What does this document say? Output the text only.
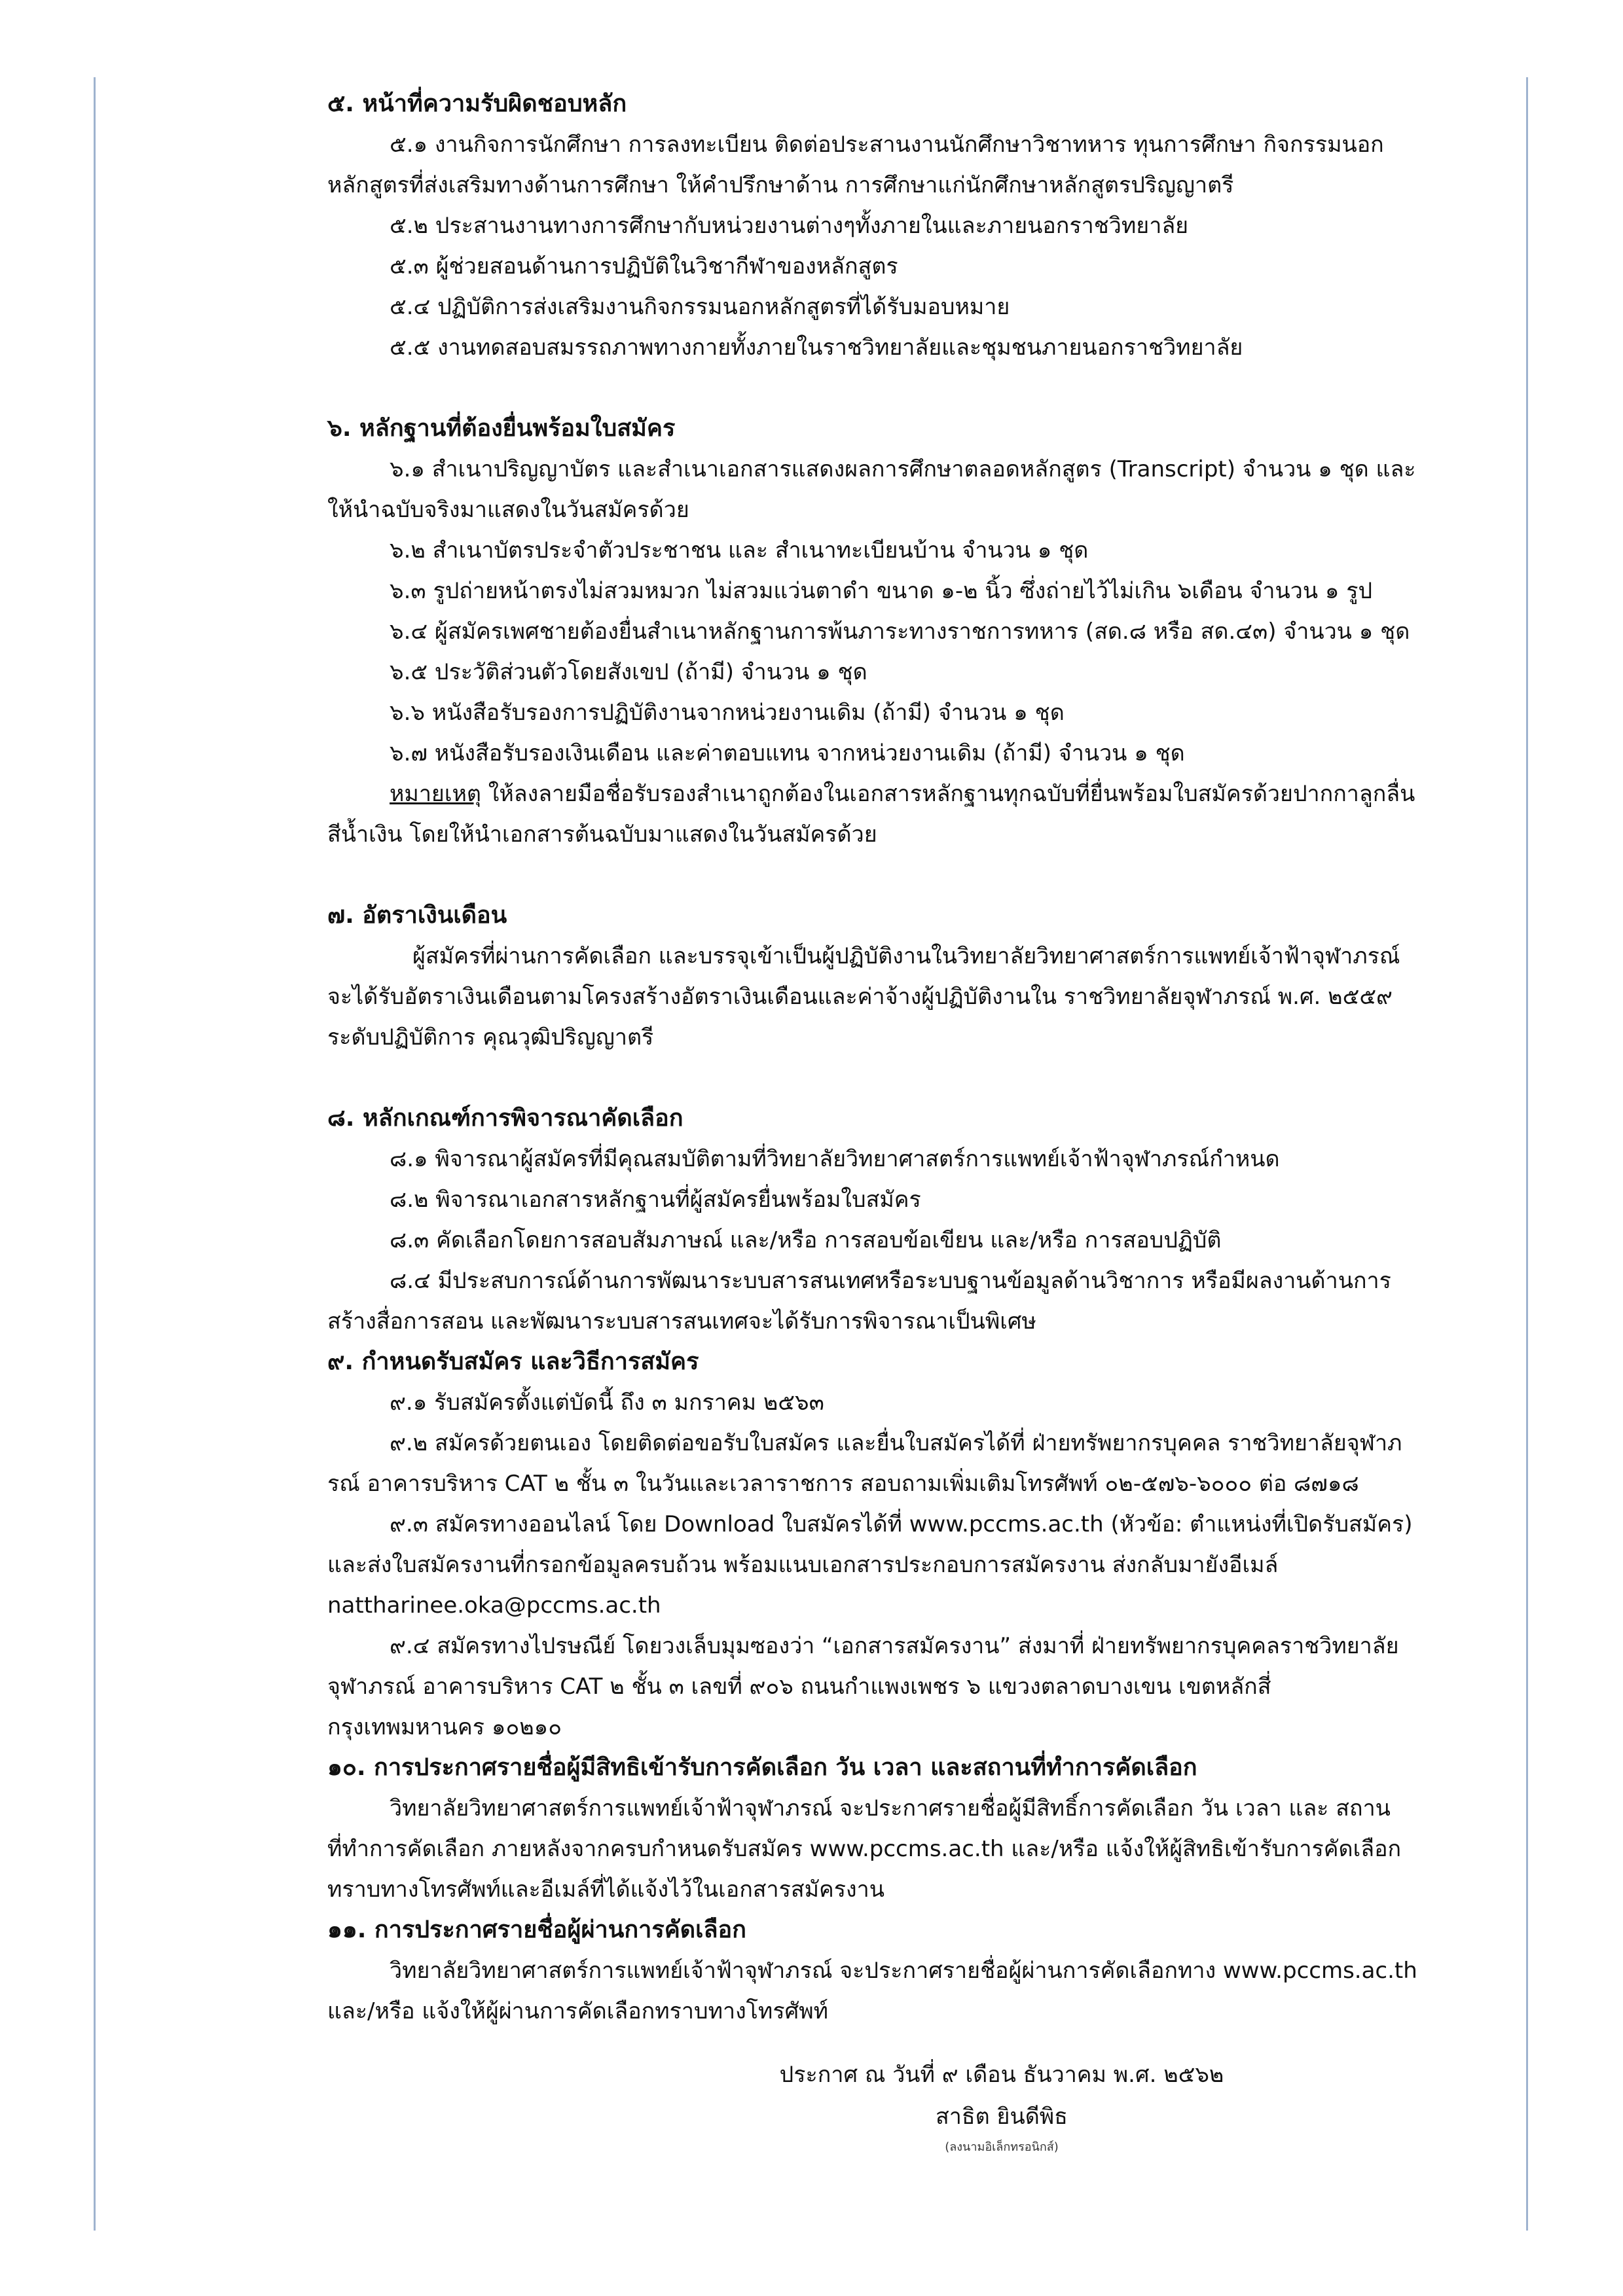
๕. หน้าที่ความรับผิดชอบหลัก

๕.๑ งานกิจการนักศึกษา การลงทะเบียน ติดต่อประสานงานนักศึกษาวิชาทหาร ทุนการศึกษา กิจกรรมนอกหลักสูตรที่ส่งเสริมทางด้านการศึกษา ให้คำปรึกษาด้าน การศึกษาแก่นักศึกษาหลักสูตรปริญญาตรี

๕.๒ ประสานงานทางการศึกษากับหน่วยงานต่างๆทั้งภายในและภายนอกราชวิทยาลัย

๕.๓ ผู้ช่วยสอนด้านการปฏิบัติในวิชากีฬาของหลักสูตร

๕.๔ ปฏิบัติการส่งเสริมงานกิจกรรมนอกหลักสูตรที่ได้รับมอบหมาย

๕.๕ งานทดสอบสมรรถภาพทางกายทั้งภายในราชวิทยาลัยและชุมชนภายนอกราชวิทยาลัย

๖. หลักฐานที่ต้องยื่นพร้อมใบสมัคร

๖.๑ สำเนาปริญญาบัตร และสำเนาเอกสารแสดงผลการศึกษาตลอดหลักสูตร (Transcript) จำนวน ๑ ชุด และให้นำฉบับจริงมาแสดงในวันสมัครด้วย

๖.๒ สำเนาบัตรประจำตัวประชาชน และ สำเนาทะเบียนบ้าน จำนวน ๑ ชุด

๖.๓ รูปถ่ายหน้าตรงไม่สวมหมวก ไม่สวมแว่นตาดำ ขนาด ๑-๒ นิ้ว ซึ่งถ่ายไว้ไม่เกิน ๖เดือน จำนวน ๑ รูป

๖.๔ ผู้สมัครเพศชายต้องยื่นสำเนาหลักฐานการพ้นภาระทางราชการทหาร (สด.๘ หรือ สด.๔๓) จำนวน ๑ ชุด

๖.๕ ประวัติส่วนตัวโดยสังเขป (ถ้ามี) จำนวน ๑ ชุด

๖.๖ หนังสือรับรองการปฏิบัติงานจากหน่วยงานเดิม (ถ้ามี) จำนวน ๑ ชุด

๖.๗ หนังสือรับรองเงินเดือน และค่าตอบแทน จากหน่วยงานเดิม (ถ้ามี) จำนวน ๑ ชุด

หมายเหตุ ให้ลงลายมือชื่อรับรองสำเนาถูกต้องในเอกสารหลักฐานทุกฉบับที่ยื่นพร้อมใบสมัครด้วยปากกาลูกลื่นสีน้ำเงิน โดยให้นำเอกสารต้นฉบับมาแสดงในวันสมัครด้วย

๗. อัตราเงินเดือน

ผู้สมัครที่ผ่านการคัดเลือก และบรรจุเข้าเป็นผู้ปฏิบัติงานในวิทยาลัยวิทยาศาสตร์การแพทย์เจ้าฟ้าจุฬาภรณ์ จะได้รับอัตราเงินเดือนตามโครงสร้างอัตราเงินเดือนและค่าจ้างผู้ปฏิบัติงานใน ราชวิทยาลัยจุฬาภรณ์ พ.ศ. ๒๕๕๙ ระดับปฏิบัติการ คุณวุฒิปริญญาตรี

๘. หลักเกณฑ์การพิจารณาคัดเลือก

๘.๑ พิจารณาผู้สมัครที่มีคุณสมบัติตามที่วิทยาลัยวิทยาศาสตร์การแพทย์เจ้าฟ้าจุฬาภรณ์กำหนด

๘.๒ พิจารณาเอกสารหลักฐานที่ผู้สมัครยื่นพร้อมใบสมัคร

๘.๓ คัดเลือกโดยการสอบสัมภาษณ์ และ/หรือ การสอบข้อเขียน และ/หรือ การสอบปฏิบัติ

๘.๔ มีประสบการณ์ด้านการพัฒนาระบบสารสนเทศหรือระบบฐานข้อมูลด้านวิชาการ หรือมีผลงานด้านการสร้างสื่อการสอน และพัฒนาระบบสารสนเทศจะได้รับการพิจารณาเป็นพิเศษ

๙. กำหนดรับสมัคร และวิธีการสมัคร

๙.๑ รับสมัครตั้งแต่บัดนี้ ถึง ๓ มกราคม ๒๕๖๓

๙.๒ สมัครด้วยตนเอง โดยติดต่อขอรับใบสมัคร และยื่นใบสมัครได้ที่ ฝ่ายทรัพยากรบุคคล ราชวิทยาลัยจุฬาภรณ์ อาคารบริหาร CAT ๒ ชั้น ๓ ในวันและเวลาราชการ สอบถามเพิ่มเติมโทรศัพท์ ๐๒-๕๗๖-๖๐๐๐ ต่อ ๘๗๑๘

๙.๓ สมัครทางออนไลน์ โดย Download ใบสมัครได้ที่ www.pccms.ac.th (หัวข้อ: ตำแหน่งที่เปิดรับสมัคร) และส่งใบสมัครงานที่กรอกข้อมูลครบถ้วน พร้อมแนบเอกสารประกอบการสมัครงาน ส่งกลับมายังอีเมล์ nattharinee.oka@pccms.ac.th

๙.๔ สมัครทางไปรษณีย์ โดยวงเล็บมุมซองว่า “เอกสารสมัครงาน” ส่งมาที่ ฝ่ายทรัพยากรบุคคลราชวิทยาลัยจุฬาภรณ์ อาคารบริหาร CAT ๒ ชั้น ๓ เลขที่ ๙๐๖ ถนนกำแพงเพชร ๖ แขวงตลาดบางเขน เขตหลักสี่ กรุงเทพมหานคร ๑๐๒๑๐

๑๐. การประกาศรายชื่อผู้มีสิทธิเข้ารับการคัดเลือก วัน เวลา และสถานที่ทำการคัดเลือก

วิทยาลัยวิทยาศาสตร์การแพทย์เจ้าฟ้าจุฬาภรณ์ จะประกาศรายชื่อผู้มีสิทธิ์การคัดเลือก วัน เวลา และ สถานที่ทำการคัดเลือก ภายหลังจากครบกำหนดรับสมัคร www.pccms.ac.th และ/หรือ แจ้งให้ผู้สิทธิเข้ารับการคัดเลือกทราบทางโทรศัพท์และอีเมล์ที่ได้แจ้งไว้ในเอกสารสมัครงาน

๑๑. การประกาศรายชื่อผู้ผ่านการคัดเลือก

วิทยาลัยวิทยาศาสตร์การแพทย์เจ้าฟ้าจุฬาภรณ์ จะประกาศรายชื่อผู้ผ่านการคัดเลือกทาง www.pccms.ac.th และ/หรือ แจ้งให้ผู้ผ่านการคัดเลือกทราบทางโทรศัพท์

ประกาศ ณ วันที่ ๙ เดือน ธันวาคม พ.ศ. ๒๕๖๒

สาธิต ยินดีพิธ

(ลงนามอิเล็กทรอนิกส์)
